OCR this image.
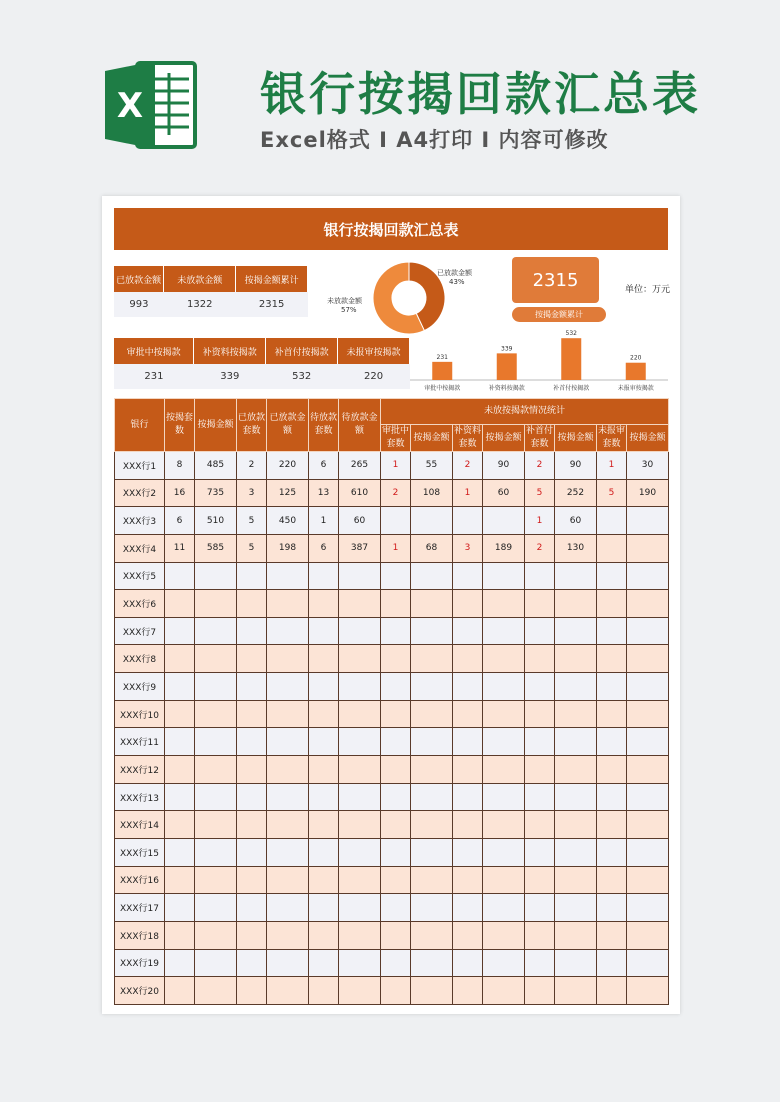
X	银行按揭回款汇总表
Excel格式 I A4打印 I 内容可修改
银行按揭回款汇总表
已放款金额	未放款金额	按揭金额累计
993	1322	2315
审批中按揭款	补资料按揭款	补首付按揭款	未报审按揭款
231	339	532	220
已放款金额
43%
未放款金额
57%
2315
按揭金额累计
单位：万元
231
审批中按揭款
339
补资料按揭款
532
补首付按揭款
220
未报审按揭款
银行	按揭套数	按揭金额	已放款套数	已放款金额	待放款套数	待放款金额	未放按揭款情况统计							
							审批中套数	按揭金额	补资料套数	按揭金额	补首付套数	按揭金额	未报审套数	按揭金额
XXX行1	8	485	2	220	6	265	1	55	2	90	2	90	1	30
XXX行2	16	735	3	125	13	610	2	108	1	60	5	252	5	190
XXX行3	6	510	5	450	1	60					1	60		
XXX行4	11	585	5	198	6	387	1	68	3	189	2	130		
XXX行5														
XXX行6														
XXX行7														
XXX行8														
XXX行9														
XXX行10														
XXX行11														
XXX行12														
XXX行13														
XXX行14														
XXX行15														
XXX行16														
XXX行17														
XXX行18														
XXX行19														
XXX行20														
